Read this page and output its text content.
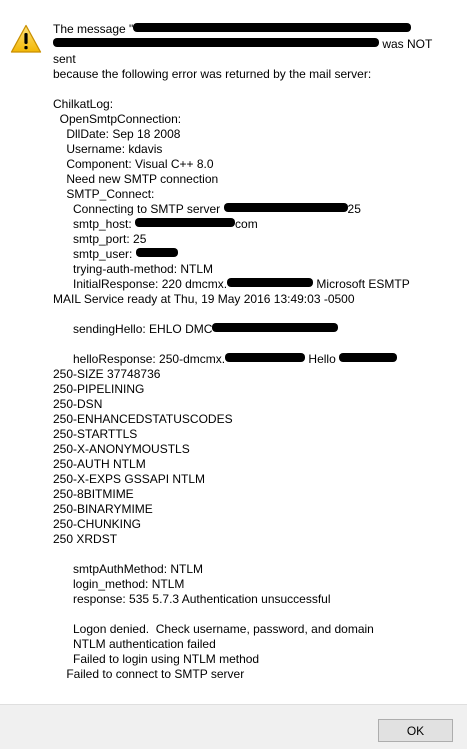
The message "
was NOT
sent
because the following error was returned by the mail server:
ChilkatLog:
OpenSmtpConnection:
DllDate: Sep 18 2008
Username: kdavis
Component: Visual C++ 8.0
Need new SMTP connection
SMTP_Connect:
Connecting to SMTP server	25
smtp_host:	com
smtp_port: 25
smtp_user:
trying-auth-method: NTLM
InitialResponse: 220 dmcmx.	Microsoft ESMTP
MAIL Service ready at Thu, 19 May 2016 13:49:03 -0500
sendingHello: EHLO DMC
helloResponse: 250-dmcmx.	Hello
250-SIZE 37748736
250-PIPELINING
250-DSN
250-ENHANCEDSTATUSCODES
250-STARTTLS
250-X-ANONYMOUSTLS
250-AUTH NTLM
250-X-EXPS GSSAPI NTLM
250-8BITMIME
250-BINARYMIME
250-CHUNKING
250 XRDST
smtpAuthMethod: NTLM
login_method: NTLM
response: 535 5.7.3 Authentication unsuccessful
Logon denied.  Check username, password, and domain
NTLM authentication failed
Failed to login using NTLM method
Failed to connect to SMTP server
OK
